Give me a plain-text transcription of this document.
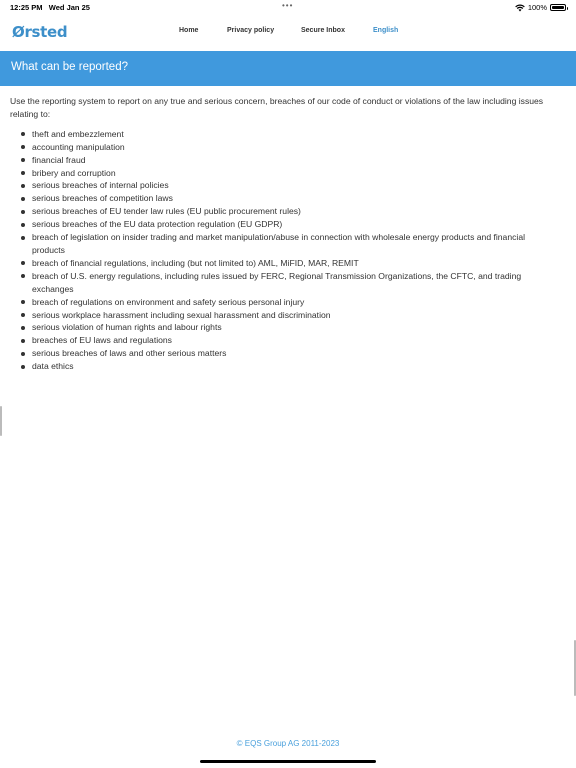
12:25 PM Wed Jan 25	•••	100%
Ørsted	Home	Privacy policy	Secure Inbox	English
What can be reported?

Use the reporting system to report on any true and serious concern, breaches of our code of conduct or violations of the law including issues relating to:

theft and embezzlement
accounting manipulation
financial fraud
bribery and corruption
serious breaches of internal policies
serious breaches of competition laws
serious breaches of EU tender law rules (EU public procurement rules)
serious breaches of the EU data protection regulation (EU GDPR)
breach of legislation on insider trading and market manipulation/abuse in connection with wholesale energy products and financial products
breach of financial regulations, including (but not limited to) AML, MiFID, MAR, REMIT
breach of U.S. energy regulations, including rules issued by FERC, Regional Transmission Organizations, the CFTC, and trading exchanges
breach of regulations on environment and safety serious personal injury
serious workplace harassment including sexual harassment and discrimination
serious violation of human rights and labour rights
breaches of EU laws and regulations
serious breaches of laws and other serious matters
data ethics
© EQS Group AG 2011-2023
